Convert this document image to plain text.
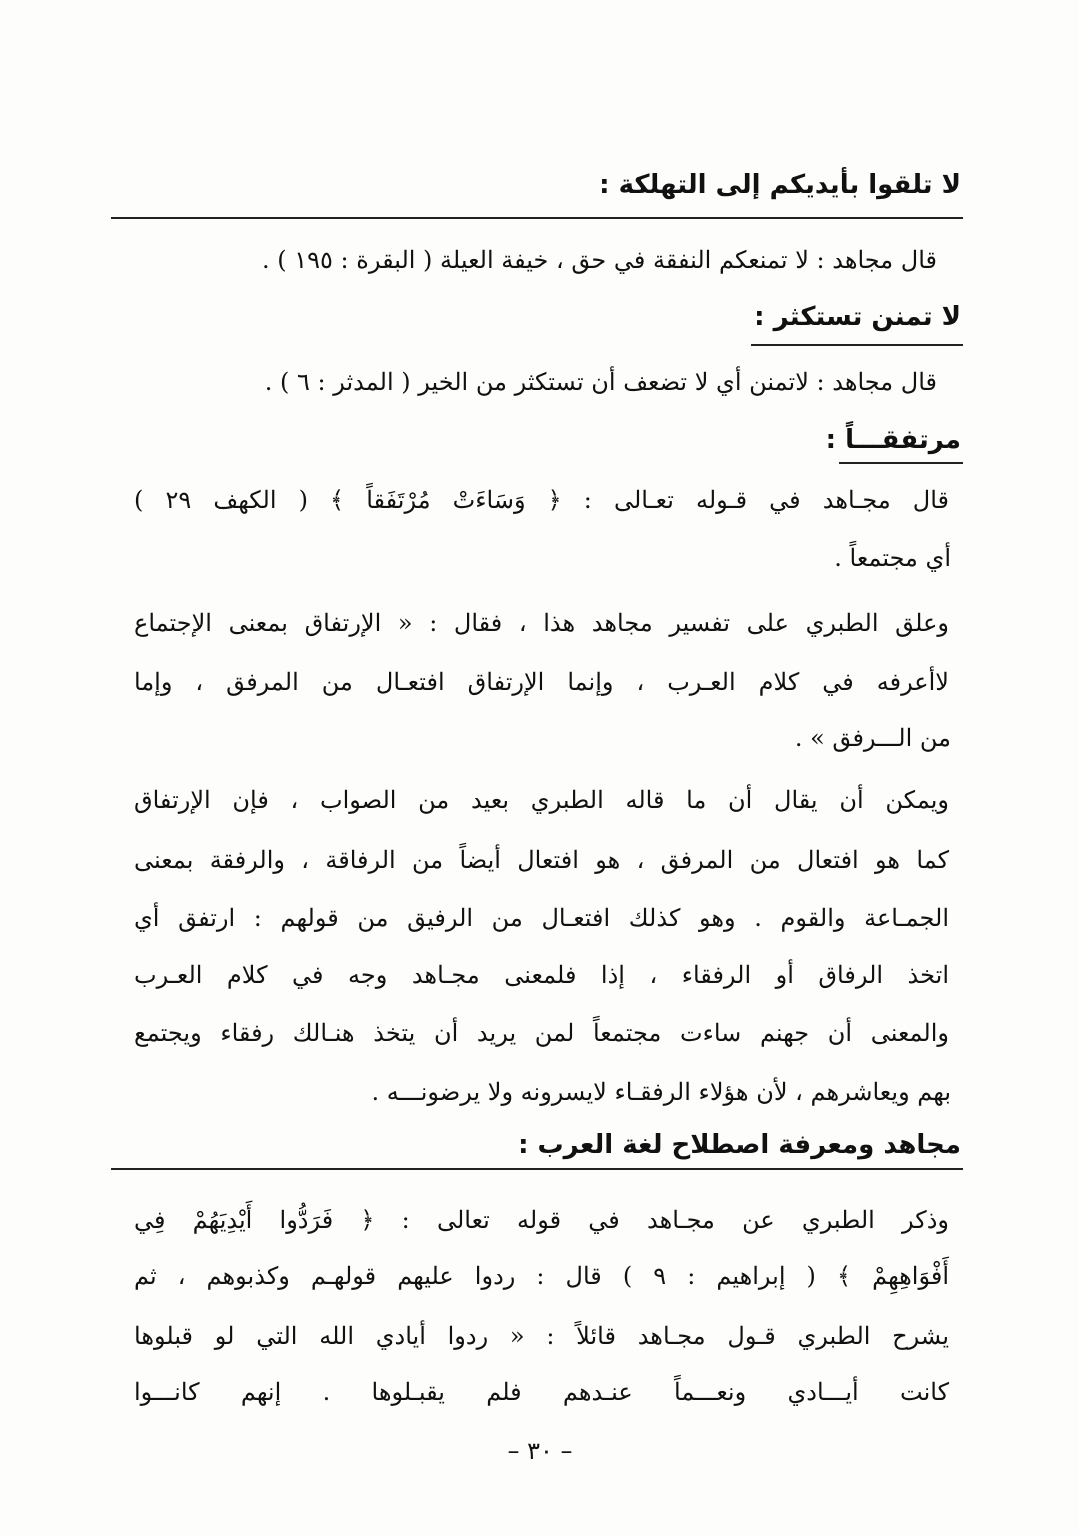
لا تلقوا بأيديكم إلى التهلكة :
قال مجاهد : لا تمنعكم النفقة في حق ، خيفة العيلة ( البقرة : ١٩٥ ) .
لا تمنن تستكثر :
قال مجاهد : لاتمنن أي لا تضعف أن تستكثر من الخير ( المدثر : ٦ ) .
مرتفقـــاً :
قال مجـاهد في قـوله تعـالى : ﴿ وَسَاءَتْ مُرْتَفَقاً ﴾ ( الكهف ٢٩ )
أي مجتمعاً .
وعلق الطبري على تفسير مجاهد هذا ، فقال : « الإرتفاق بمعنى الإجتماع
لاأعرفه في كلام العـرب ، وإنما الإرتفاق افتعـال من المرفق ، وإما
من الـــرفق » .
ويمكن أن يقال أن ما قاله الطبري بعيد من الصواب ، فإن الإرتفاق
كما هو افتعال من المرفق ، هو افتعال أيضاً من الرفاقة ، والرفقة بمعنى
الجمـاعة والقوم . وهو كذلك افتعـال من الرفيق من قولهم : ارتفق أي
اتخذ الرفاق أو الرفقاء ، إذا فلمعنى مجـاهد وجه في كلام العـرب
والمعنى أن جهنم ساءت مجتمعاً لمن يريد أن يتخذ هنـالك رفقاء ويجتمع
بهم ويعاشرهم ، لأن هؤلاء الرفقـاء لايسرونه ولا يرضونـــه .
مجاهد ومعرفة اصطلاح لغة العرب :
وذكر الطبري عن مجـاهد في قوله تعالى : ﴿ فَرَدُّوا أَيْدِيَهُمْ فِي
أَفْوَاهِهِمْ ﴾ ( إبراهيم : ٩ ) قال : ردوا عليهم قولهـم وكذبوهم ، ثم
يشرح الطبري قـول مجـاهد قائلاً : « ردوا أيادي الله التي لو قبلوها
كانت أيـــادي ونعـــماً عنـدهم فلم يقبـلوها . إنهم كانـــوا
– ٣٠ –
